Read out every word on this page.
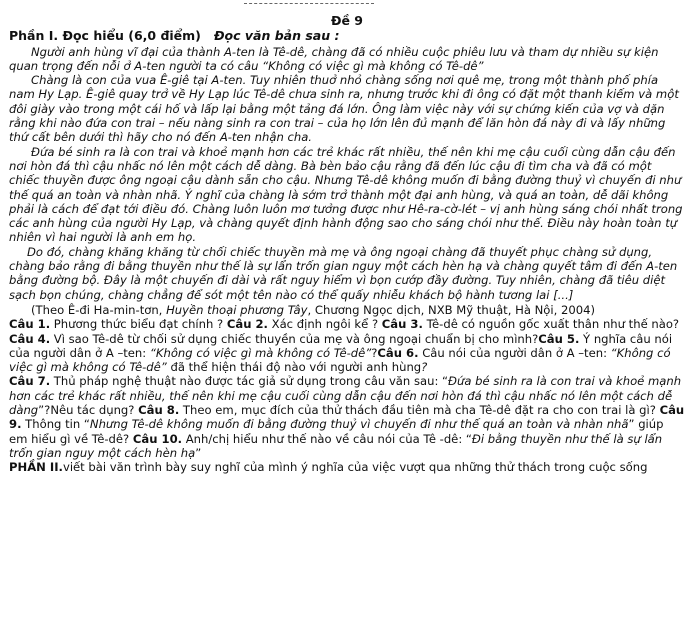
Đề 9
Phần I. Đọc hiểu (6,0 điểm) Đọc văn bản sau :

Người anh hùng vĩ đại của thành A-ten là Tê-dê, chàng đã có nhiều cuộc phiêu lưu và tham dự nhiều sự kiện quan trọng đến nỗi ở A-ten người ta có câu “Không có việc gì mà không có Tê-dê”

Chàng là con của vua Ê-giê tại A-ten. Tuy nhiên thuở nhỏ chàng sống nơi quê mẹ, trong một thành phố phía nam Hy Lạp. Ê-giê quay trở về Hy Lạp lúc Tê-dê chưa sinh ra, nhưng trước khi đi ông có đặt một thanh kiếm và một đôi giày vào trong một cái hố và lấp lại bằng một tảng đá lớn. Ông làm việc này với sự chứng kiến của vợ và dặn rằng khi nào đứa con trai – nếu nàng sinh ra con trai – của họ lớn lên đủ mạnh để lăn hòn đá này đi và lấy những thứ cất bên dưới thì hãy cho nó đến A-ten nhận cha.

Đứa bé sinh ra là con trai và khoẻ mạnh hơn các trẻ khác rất nhiều, thế nên khi mẹ cậu cuối cùng dẫn cậu đến nơi hòn đá thì cậu nhấc nó lên một cách dễ dàng. Bà bèn bảo cậu rằng đã đến lúc cậu đi tìm cha và đã có một chiếc thuyền được ông ngoại cậu dành sẵn cho cậu. Nhưng Tê-dê không muốn đi bằng đường thuỷ vì chuyến đi như thế quá an toàn và nhàn nhã. Ý nghĩ của chàng là sớm trở thành một đại anh hùng, và quá an toàn, dễ dãi không phải là cách để đạt tới điều đó. Chàng luôn luôn mơ tưởng được như Hê-ra-cờ-lét – vị anh hùng sáng chói nhất trong các anh hùng của người Hy Lạp, và chàng quyết định hành động sao cho sáng chói như thế. Điều này hoàn toàn tự nhiên vì hai người là anh em họ.

Do đó, chàng khăng khăng từ chối chiếc thuyền mà mẹ và ông ngoại chàng đã thuyết phục chàng sử dụng, chàng bảo rằng đi bằng thuyền như thế là sự lẩn trốn gian nguy một cách hèn hạ và chàng quyết tâm đi đến A-ten bằng đường bộ. Đây là một chuyến đi dài và rất nguy hiểm vì bọn cướp đầy đường. Tuy nhiên, chàng đã tiêu diệt sạch bọn chúng, chàng chẳng để sót một tên nào có thể quấy nhiễu khách bộ hành tương lai [...]

(Theo Ê-đi Ha-min-tơn, Huyền thoại phương Tây, Chương Ngọc dịch, NXB Mỹ thuật, Hà Nội, 2004)

Câu 1. Phương thức biểu đạt chính ? Câu 2. Xác định ngôi kể ? Câu 3. Tê-dê có nguồn gốc xuất thân như thế nào?Câu 4. Vì sao Tê-dê từ chối sử dụng chiếc thuyền của mẹ và ông ngoại chuẩn bị cho mình?Câu 5. Ý nghĩa câu nói của người dân ở A –ten: “Không có việc gì mà không có Tê-dê”?Câu 6. Câu nói của người dân ở A –ten: “Không có việc gì mà không có Tê-dê” đã thể hiện thái độ nào với người anh hùng?
Câu 7. Thủ pháp nghệ thuật nào được tác giả sử dụng trong câu văn sau: “Đứa bé sinh ra là con trai và khoẻ mạnh hơn các trẻ khác rất nhiều, thế nên khi mẹ cậu cuối cùng dẫn cậu đến nơi hòn đá thì cậu nhấc nó lên một cách dễ dàng”?Nêu tác dụng? Câu 8. Theo em, mục đích của thử thách đầu tiên mà cha Tê-dê đặt ra cho con trai là gì? Câu 9. Thông tin “Nhưng Tê-dê không muốn đi bằng đường thuỷ vì chuyến đi như thế quá an toàn và nhàn nhã” giúp em hiểu gì về Tê-dê? Câu 10. Anh/chị hiểu như thế nào về câu nói của Tê -dê: “Đi bằng thuyền như thế là sự lẩn trốn gian nguy một cách hèn hạ”
PHẦN II.viết bài văn trình bày suy nghĩ của mình ý nghĩa của việc vượt qua những thử thách trong cuộc sống
